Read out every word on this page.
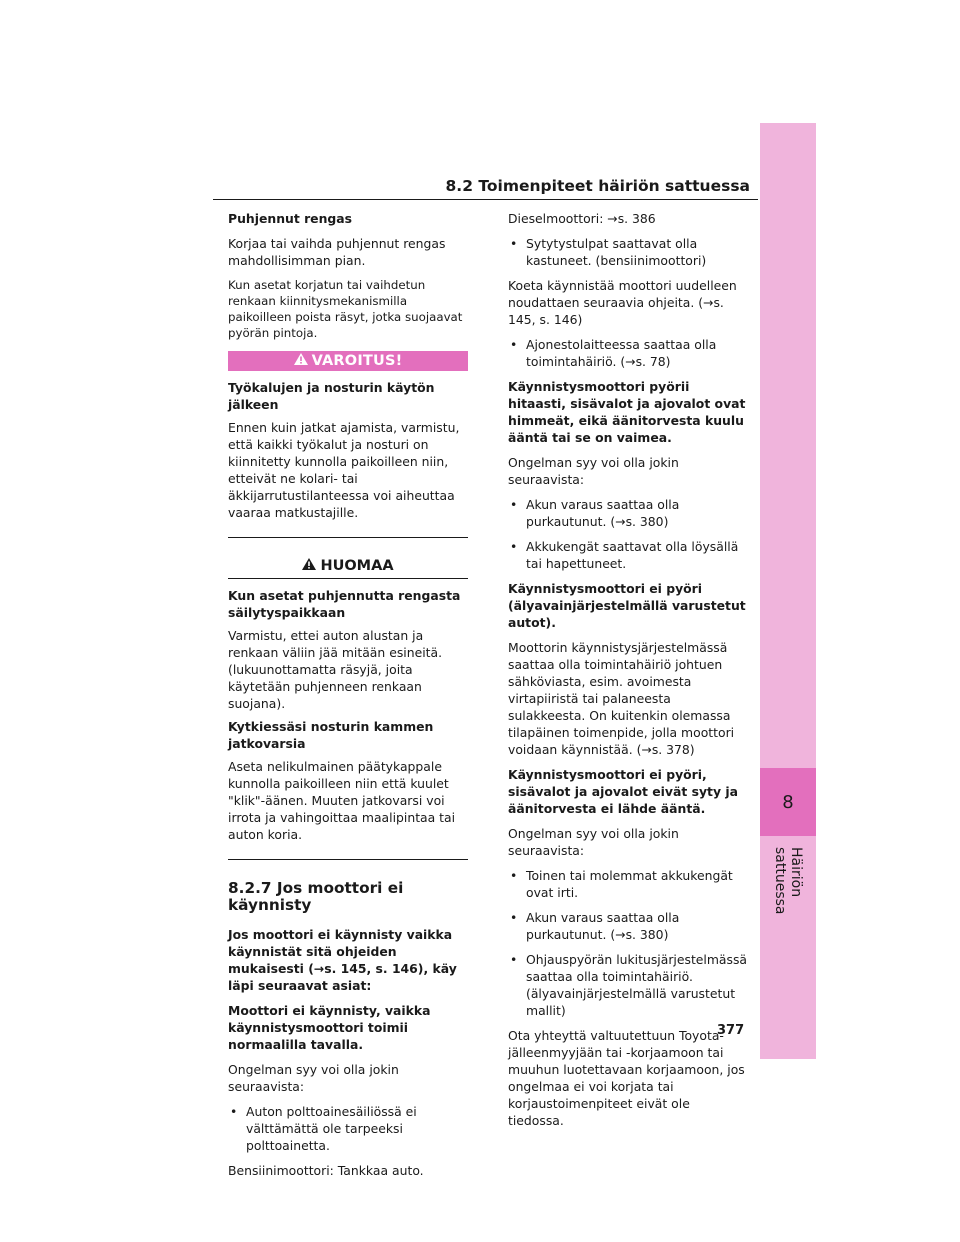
8.2 Toimenpiteet häiriön sattuessa
8
Häiriön sattuessa
377

Puhjennut rengas

Korjaa tai vaihda puhjennut rengas mahdollisimman pian.

Kun asetat korjatun tai vaihdetun renkaan kiinnitysmekanismilla paikoilleen poista räsyt, jotka suojaavat pyörän pintoja.

VAROITUS!

Työkalujen ja nosturin käytön jälkeen

Ennen kuin jatkat ajamista, varmistu, että kaikki työkalut ja nosturi on kiinnitetty kunnolla paikoilleen niin, etteivät ne kolari- tai äkkijarrutustilanteessa voi aiheuttaa vaaraa matkustajille.

HUOMAA

Kun asetat puhjennutta rengasta säilytyspaikkaan

Varmistu, ettei auton alustan ja renkaan väliin jää mitään esineitä. (lukuunottamatta räsyjä, joita käytetään puhjenneen renkaan suojana).

Kytkiessäsi nosturin kammen jatkovarsia

Aseta nelikulmainen päätykappale kunnolla paikoilleen niin että kuulet "klik"-äänen. Muuten jatkovarsi voi irrota ja vahingoittaa maalipintaa tai auton koria.

8.2.7 Jos moottori ei käynnisty

Jos moottori ei käynnisty vaikka käynnistät sitä ohjeiden mukaisesti (→s. 145, s. 146), käy läpi seuraavat asiat:

Moottori ei käynnisty, vaikka käynnistysmoottori toimii normaalilla tavalla.

Ongelman syy voi olla jokin seuraavista:

• Auton polttoainesäiliössä ei välttämättä ole tarpeeksi polttoainetta.

Bensiinimoottori: Tankkaa auto.

Dieselmoottori: →s. 386

• Sytytystulpat saattavat olla kastuneet. (bensiinimoottori)

Koeta käynnistää moottori uudelleen noudattaen seuraavia ohjeita. (→s. 145, s. 146)

• Ajonestolaitteessa saattaa olla toimintahäiriö. (→s. 78)

Käynnistysmoottori pyörii hitaasti, sisävalot ja ajovalot ovat himmeät, eikä äänitorvesta kuulu ääntä tai se on vaimea.

Ongelman syy voi olla jokin seuraavista:

• Akun varaus saattaa olla purkautunut. (→s. 380)
• Akkukengät saattavat olla löysällä tai hapettuneet.

Käynnistysmoottori ei pyöri (älyavainjärjestelmällä varustetut autot).

Moottorin käynnistysjärjestelmässä saattaa olla toimintahäiriö johtuen sähköviasta, esim. avoimesta virtapiiristä tai palaneesta sulakkeesta. On kuitenkin olemassa tilapäinen toimenpide, jolla moottori voidaan käynnistää. (→s. 378)

Käynnistysmoottori ei pyöri, sisävalot ja ajovalot eivät syty ja äänitorvesta ei lähde ääntä.

Ongelman syy voi olla jokin seuraavista:

• Toinen tai molemmat akkukengät ovat irti.
• Akun varaus saattaa olla purkautunut. (→s. 380)
• Ohjauspyörän lukitusjärjestelmässä saattaa olla toimintahäiriö. (älyavainjärjestelmällä varustetut mallit)

Ota yhteyttä valtuutettuun Toyota-jälleenmyyjään tai -korjaamoon tai muuhun luotettavaan korjaamoon, jos ongelmaa ei voi korjata tai korjaustoimenpiteet eivät ole tiedossa.
